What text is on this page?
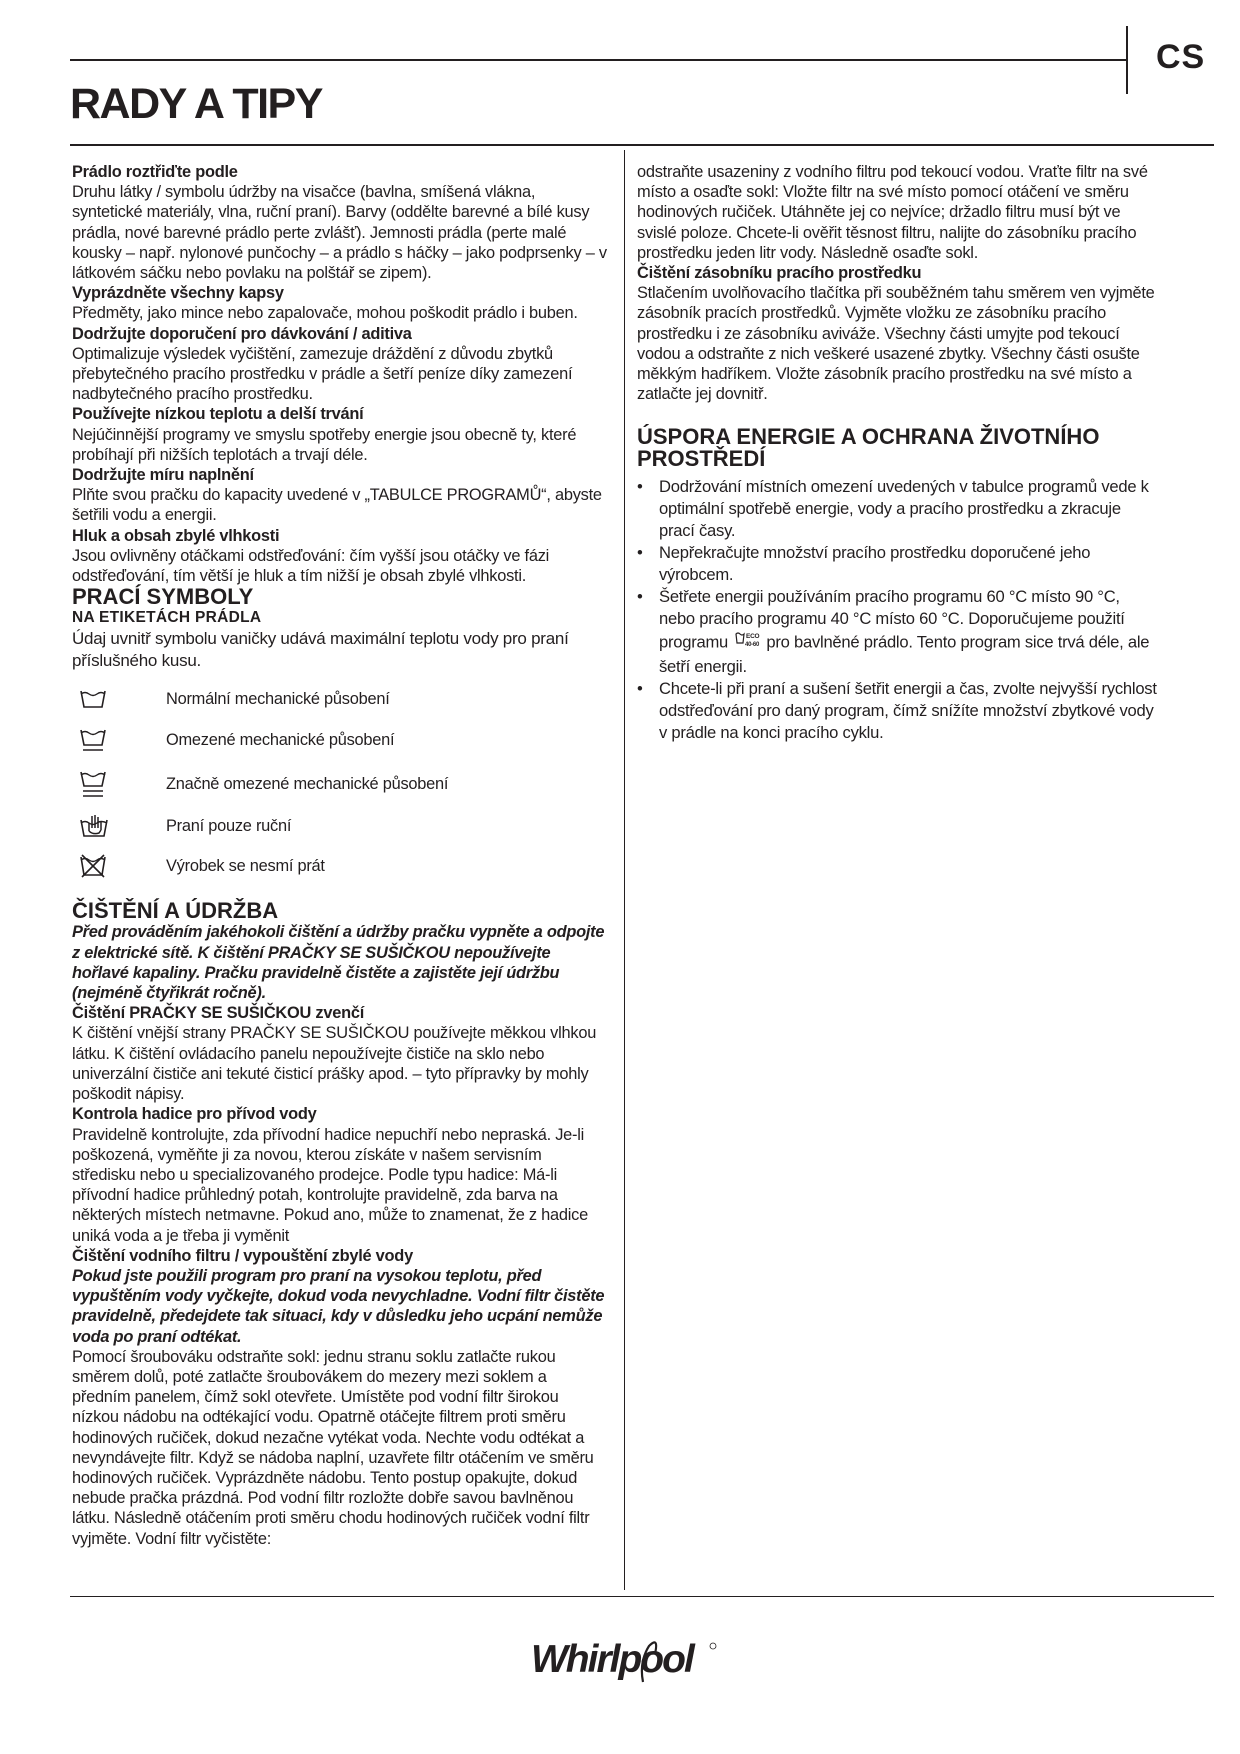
CS
RADY A TIPY

Prádlo roztřiďte podle

Druhu látky / symbolu údržby na visačce (bavlna, smíšená vlákna, syntetické materiály, vlna, ruční praní). Barvy (oddělte barevné a bílé kusy prádla, nové barevné prádlo perte zvlášť). Jemnosti prádla (perte malé kousky – např. nylonové punčochy – a prádlo s háčky – jako podprsenky – v látkovém sáčku nebo povlaku na polštář se zipem).

Vyprázdněte všechny kapsy

Předměty, jako mince nebo zapalovače, mohou poškodit prádlo i buben.

Dodržujte doporučení pro dávkování / aditiva

Optimalizuje výsledek vyčištění, zamezuje dráždění z důvodu zbytků přebytečného pracího prostředku v prádle a šetří peníze díky zamezení nadbytečného pracího prostředku.

Používejte nízkou teplotu a delší trvání

Nejúčinnější programy ve smyslu spotřeby energie jsou obecně ty, které probíhají při nižších teplotách a trvají déle.

Dodržujte míru naplnění

Plňte svou pračku do kapacity uvedené v „TABULCE PROGRAMŮ“, abyste šetřili vodu a energii.

Hluk a obsah zbylé vlhkosti

Jsou ovlivněny otáčkami odstřeďování: čím vyšší jsou otáčky ve fázi odstřeďování, tím větší je hluk a tím nižší je obsah zbylé vlhkosti.

PRACÍ SYMBOLY

NA ETIKETÁCH PRÁDLA

Údaj uvnitř symbolu vaničky udává maximální teplotu vody pro praní příslušného kusu.

Normální mechanické působení
Omezené mechanické působení
Značně omezené mechanické působení
Praní pouze ruční
Výrobek se nesmí prát

ČIŠTĚNÍ A ÚDRŽBA

Před prováděním jakéhokoli čištění a údržby pračku vypněte a odpojte z elektrické sítě. K čištění PRAČKY SE SUŠIČKOU nepoužívejte hořlavé kapaliny. Pračku pravidelně čistěte a zajistěte její údržbu (nejméně čtyřikrát ročně).

Čištění PRAČKY SE SUŠIČKOU zvenčí

K čištění vnější strany PRAČKY SE SUŠIČKOU používejte měkkou vlhkou látku. K čištění ovládacího panelu nepoužívejte čističe na sklo nebo univerzální čističe ani tekuté čisticí prášky apod. – tyto přípravky by mohly poškodit nápisy.

Kontrola hadice pro přívod vody

Pravidelně kontrolujte, zda přívodní hadice nepuchří nebo nepraská. Je-li poškozená, vyměňte ji za novou, kterou získáte v našem servisním středisku nebo u specializovaného prodejce. Podle typu hadice: Má-li přívodní hadice průhledný potah, kontrolujte pravidelně, zda barva na některých místech netmavne. Pokud ano, může to znamenat, že z hadice uniká voda a je třeba ji vyměnit

Čištění vodního filtru / vypouštění zbylé vody

Pokud jste použili program pro praní na vysokou teplotu, před vypuštěním vody vyčkejte, dokud voda nevychladne. Vodní filtr čistěte pravidelně, předejdete tak situaci, kdy v důsledku jeho ucpání nemůže voda po praní odtékat.

Pomocí šroubováku odstraňte sokl: jednu stranu soklu zatlačte rukou směrem dolů, poté zatlačte šroubovákem do mezery mezi soklem a předním panelem, čímž sokl otevřete. Umístěte pod vodní filtr širokou nízkou nádobu na odtékající vodu. Opatrně otáčejte filtrem proti směru hodinových ručiček, dokud nezačne vytékat voda. Nechte vodu odtékat a nevyndávejte filtr. Když se nádoba naplní, uzavřete filtr otáčením ve směru hodinových ručiček. Vyprázdněte nádobu. Tento postup opakujte, dokud nebude pračka prázdná. Pod vodní filtr rozložte dobře savou bavlněnou látku. Následně otáčením proti směru chodu hodinových ručiček vodní filtr vyjměte. Vodní filtr vyčistěte:

odstraňte usazeniny z vodního filtru pod tekoucí vodou. Vraťte filtr na své místo a osaďte sokl: Vložte filtr na své místo pomocí otáčení ve směru hodinových ručiček. Utáhněte jej co nejvíce; držadlo filtru musí být ve svislé poloze. Chcete-li ověřit těsnost filtru, nalijte do zásobníku pracího prostředku jeden litr vody. Následně osaďte sokl.

Čištění zásobníku pracího prostředku

Stlačením uvolňovacího tlačítka při souběžném tahu směrem ven vyjměte zásobník pracích prostředků. Vyjměte vložku ze zásobníku pracího prostředku i ze zásobníku aviváže. Všechny části umyjte pod tekoucí vodou a odstraňte z nich veškeré usazené zbytky. Všechny části osušte měkkým hadříkem. Vložte zásobník pracího prostředku na své místo a zatlačte jej dovnitř.

ÚSPORA ENERGIE A OCHRANA ŽIVOTNÍHO PROSTŘEDÍ

• Dodržování místních omezení uvedených v tabulce programů vede k optimální spotřebě energie, vody a pracího prostředku a zkracuje prací časy.
• Nepřekračujte množství pracího prostředku doporučené jeho výrobcem.
• Šetřete energii používáním pracího programu 60 °C místo 90 °C, nebo pracího programu 40 °C místo 60 °C. Doporučujeme použití programu	ECO
40-60 pro bavlněné prádlo. Tento program sice trvá déle, ale šetří energii.
• Chcete-li při praní a sušení šetřit energii a čas, zvolte nejvyšší rychlost odstřeďování pro daný program, čímž snížíte množství zbytkové vody v prádle na konci pracího cyklu.
Whirlpool
